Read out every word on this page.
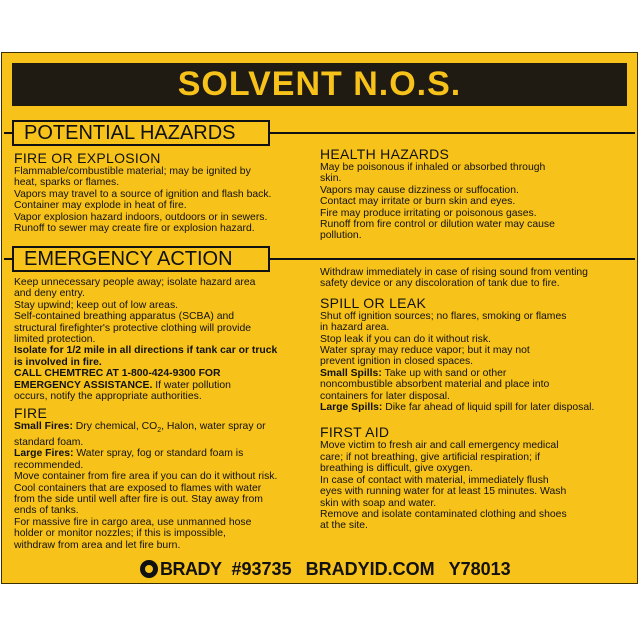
SOLVENT N.O.S.
POTENTIAL HAZARDS
FIRE OR EXPLOSION

Flammable/combustible material; may be ignited by

heat, sparks or flames.

Vapors may travel to a source of ignition and flash back.

Container may explode in heat of fire.

Vapor explosion hazard indoors, outdoors or in sewers.

Runoff to sewer may create fire or explosion hazard.

HEALTH HAZARDS

May be poisonous if inhaled or absorbed through

skin.

Vapors may cause dizziness or suffocation.

Contact may irritate or burn skin and eyes.

Fire may produce irritating or poisonous gases.

Runoff from fire control or dilution water may cause

pollution.

EMERGENCY ACTION

Keep unnecessary people away; isolate hazard area

and deny entry.

Stay upwind; keep out of low areas.

Self-contained breathing apparatus (SCBA) and

structural firefighter's protective clothing will provide

limited protection.

Isolate for 1/2 mile in all directions if tank car or truck

is involved in fire.

CALL CHEMTREC AT 1-800-424-9300 FOR

EMERGENCY ASSISTANCE. If water pollution

occurs, notify the appropriate authorities.

FIRE

Small Fires: Dry chemical, $CO_2$, Halon, water spray or

standard foam.

Large Fires: Water spray, fog or standard foam is

recommended.

Move container from fire area if you can do it without risk.

Cool containers that are exposed to flames with water

from the side until well after fire is out. Stay away from

ends of tanks.

For massive fire in cargo area, use unmanned hose

holder or monitor nozzles; if this is impossible,

withdraw from area and let fire burn.

Withdraw immediately in case of rising sound from venting

safety device or any discoloration of tank due to fire.

SPILL OR LEAK

Shut off ignition sources; no flares, smoking or flames

in hazard area.

Stop leak if you can do it without risk.

Water spray may reduce vapor; but it may not

prevent ignition in closed spaces.

Small Spills: Take up with sand or other

noncombustible absorbent material and place into

containers for later disposal.

Large Spills: Dike far ahead of liquid spill for later disposal.

FIRST AID

Move victim to fresh air and call emergency medical

care; if not breathing, give artificial respiration; if

breathing is difficult, give oxygen.

In case of contact with material, immediately flush

eyes with running water for at least 15 minutes. Wash

skin with soap and water.

Remove and isolate contaminated clothing and shoes

at the site.

BRADY #93735 BRADYID.COM Y78013
